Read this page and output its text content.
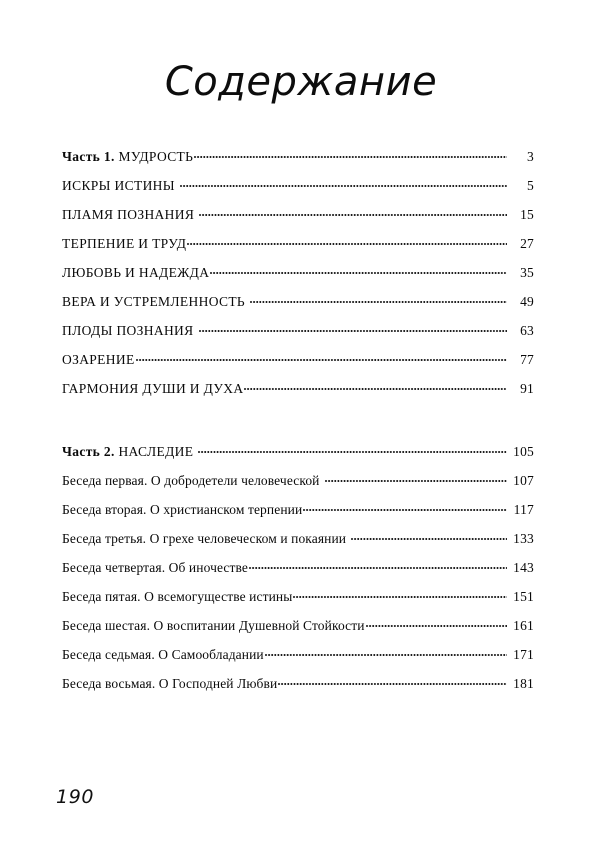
Содержание
Часть 1. МУДРОСТЬ	3
ИСКРЫ ИСТИНЫ	5
ПЛАМЯ ПОЗНАНИЯ	15
ТЕРПЕНИЕ И ТРУД	27
ЛЮБОВЬ И НАДЕЖДА	35
ВЕРА И УСТРЕМЛЕННОСТЬ	49
ПЛОДЫ ПОЗНАНИЯ	63
ОЗАРЕНИЕ	77
ГАРМОНИЯ ДУШИ И ДУХА	91
Часть 2. НАСЛЕДИЕ	105
Беседа первая. О добродетели человеческой	107
Беседа вторая. О христианском терпении	117
Беседа третья. О грехе человеческом и покаянии	133
Беседа четвертая. Об иночестве	143
Беседа пятая. О всемогуществе истины	151
Беседа шестая. О воспитании Душевной Стойкости	161
Беседа седьмая. О Самообладании	171
Беседа восьмая. О Господней Любви	181
190
